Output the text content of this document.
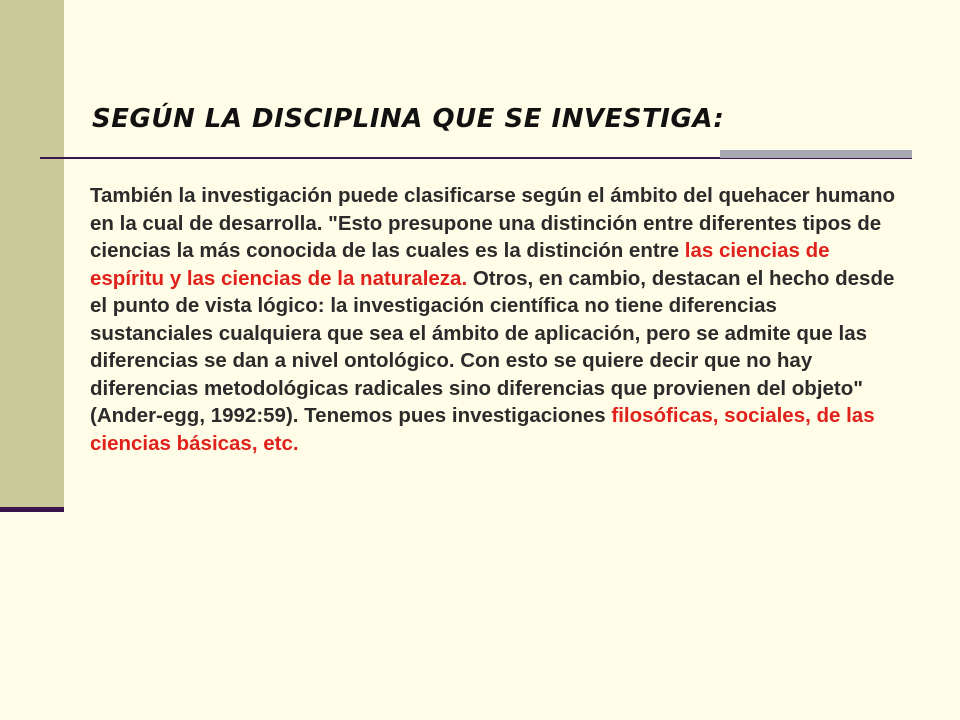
SEGÚN LA DISCIPLINA QUE SE INVESTIGA:

También la investigación puede clasificarse según el ámbito del quehacer humano en la cual de desarrolla. "Esto presupone una distinción entre diferentes tipos de ciencias la más conocida de las cuales es la distinción entre las ciencias de espíritu y las ciencias de la naturaleza. Otros, en cambio, destacan el hecho desde el punto de vista lógico: la investigación científica no tiene diferencias sustanciales cualquiera que sea el ámbito de aplicación, pero se admite que las diferencias se dan a nivel ontológico. Con esto se quiere decir que no hay diferencias metodológicas radicales sino diferencias que provienen del objeto" (Ander-egg, 1992:59). Tenemos pues investigaciones filosóficas, sociales, de las ciencias básicas, etc.
